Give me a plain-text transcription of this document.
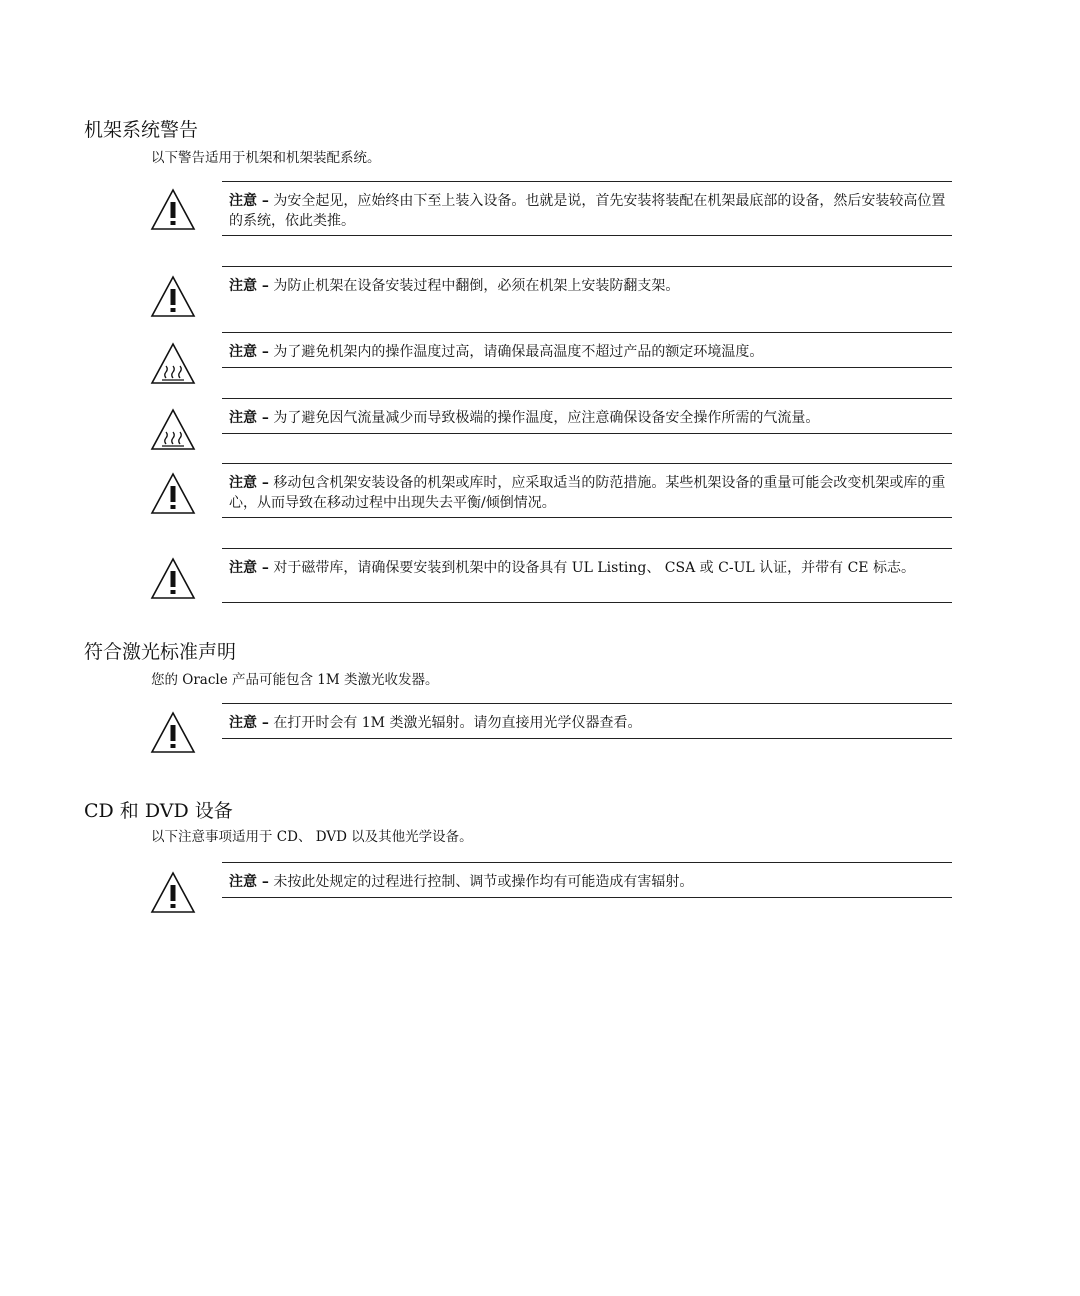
机架系统警告

以下警告适用于机架和机架装配系统。

注意 – 为安全起见，应始终由下至上装入设备。也就是说，首先安装将装配在机架最底部的设备，然后安装较高位置的系统，依此类推。
注意 – 为防止机架在设备安装过程中翻倒，必须在机架上安装防翻支架。
注意 – 为了避免机架内的操作温度过高，请确保最高温度不超过产品的额定环境温度。
注意 – 为了避免因气流量减少而导致极端的操作温度，应注意确保设备安全操作所需的气流量。
注意 – 移动包含机架安装设备的机架或库时，应采取适当的防范措施。某些机架设备的重量可能会改变机架或库的重心，从而导致在移动过程中出现失去平衡/倾倒情况。
注意 – 对于磁带库，请确保要安装到机架中的设备具有 UL Listing、 CSA 或 C-UL 认证，并带有 CE 标志。
符合激光标准声明

您的 Oracle 产品可能包含 1M 类激光收发器。

注意 – 在打开时会有 1M 类激光辐射。请勿直接用光学仪器查看。
CD 和 DVD 设备

以下注意事项适用于 CD、 DVD 以及其他光学设备。

注意 – 未按此处规定的过程进行控制、调节或操作均有可能造成有害辐射。
